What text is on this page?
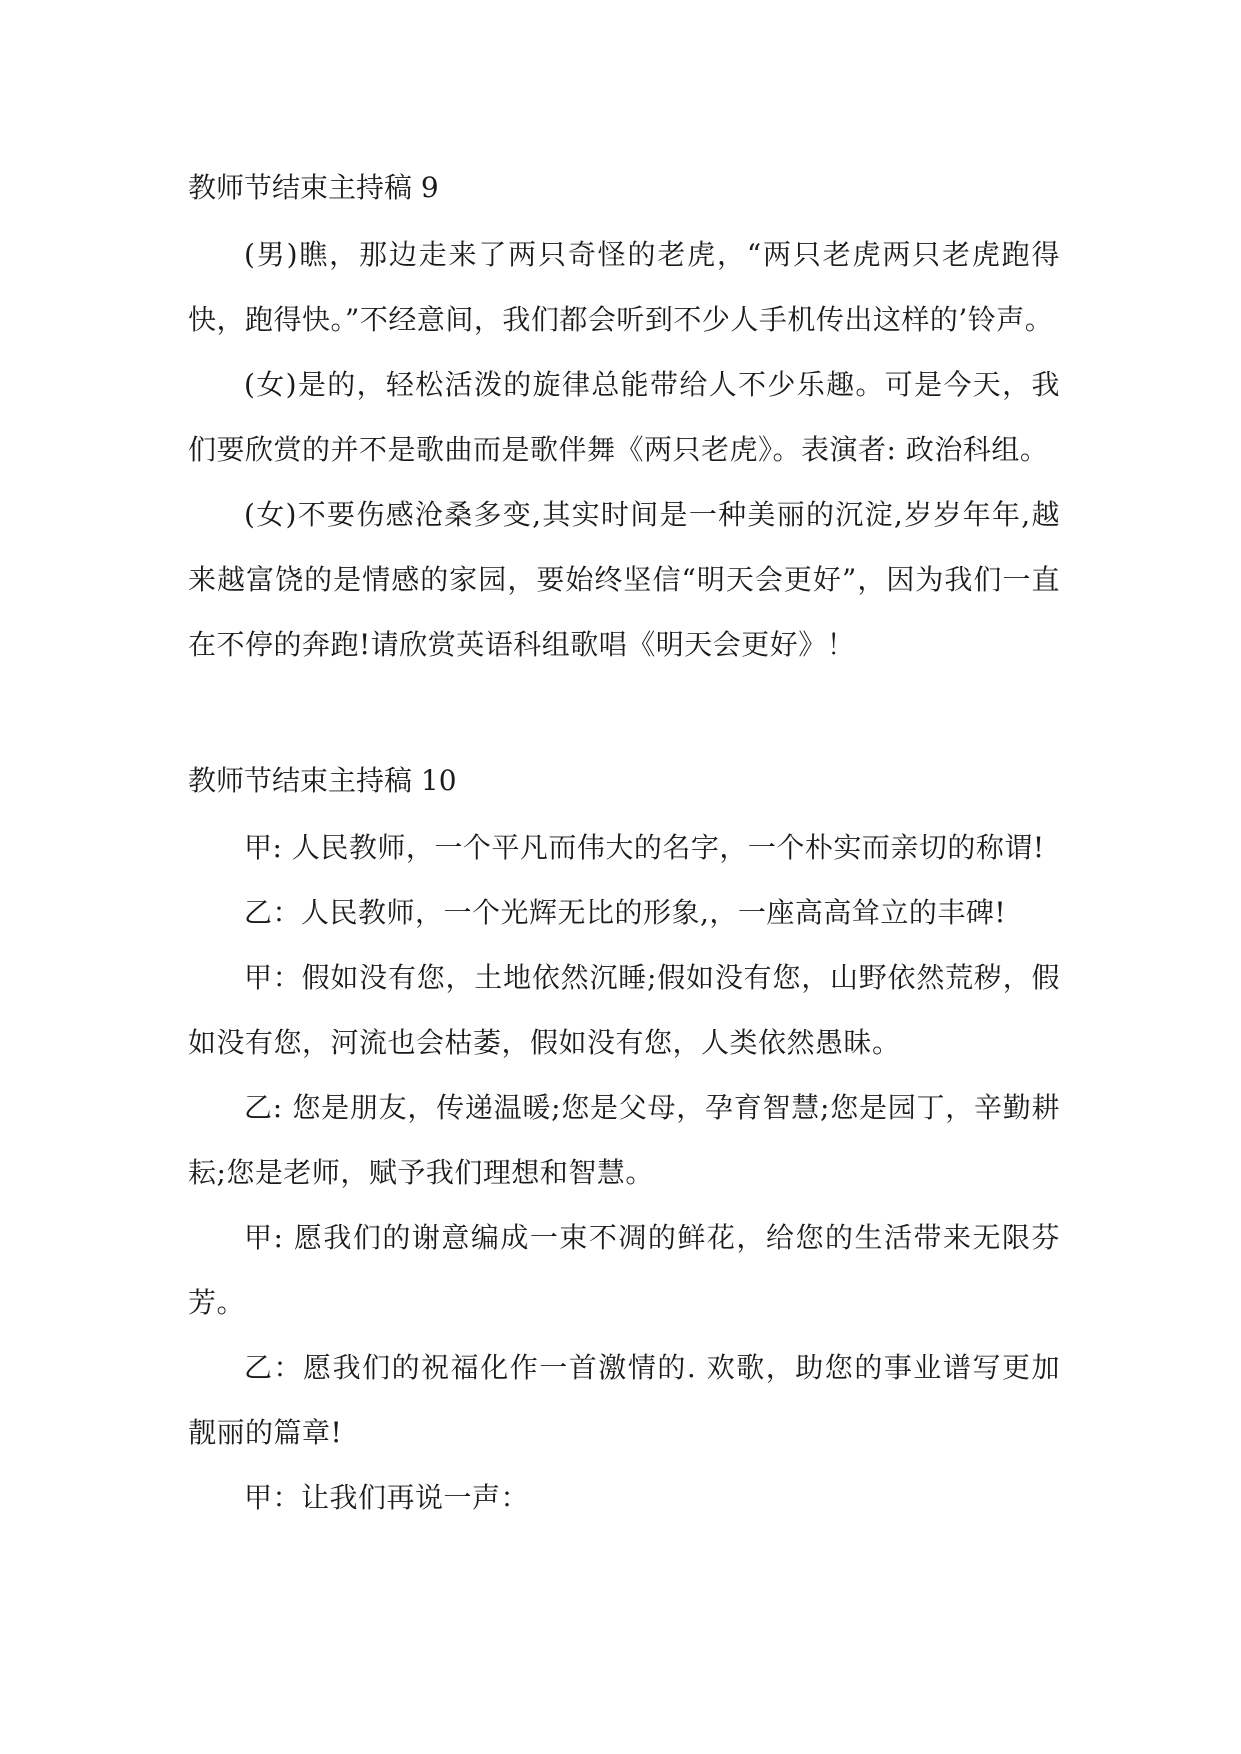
教师节结束主持稿 9

(男)瞧，那边走来了两只奇怪的老虎，“两只老虎两只老虎跑得快，跑得快。”不经意间，我们都会听到不少人手机传出这样的’铃声。

(女)是的，轻松活泼的旋律总能带给人不少乐趣。可是今天，我们要欣赏的并不是歌曲而是歌伴舞《两只老虎》。表演者: 政治科组。

(女)不要伤感沧桑多变,其实时间是一种美丽的沉淀,岁岁年年,越来越富饶的是情感的家园，要始终坚信“明天会更好”，因为我们一直在不停的奔跑!请欣赏英语科组歌唱《明天会更好》！

教师节结束主持稿 10

甲: 人民教师，一个平凡而伟大的名字，一个朴实而亲切的称谓!

乙：人民教师，一个光辉无比的形象,，一座高高耸立的丰碑!

甲：假如没有您，土地依然沉睡;假如没有您，山野依然荒秽，假如没有您，河流也会枯萎，假如没有您，人类依然愚昧。

乙: 您是朋友，传递温暖;您是父母，孕育智慧;您是园丁，辛勤耕耘;您是老师，赋予我们理想和智慧。

甲: 愿我们的谢意编成一束不凋的鲜花，给您的生活带来无限芬芳。

乙：愿我们的祝福化作一首激情的. 欢歌，助您的事业谱写更加靓丽的篇章!

甲：让我们再说一声：
